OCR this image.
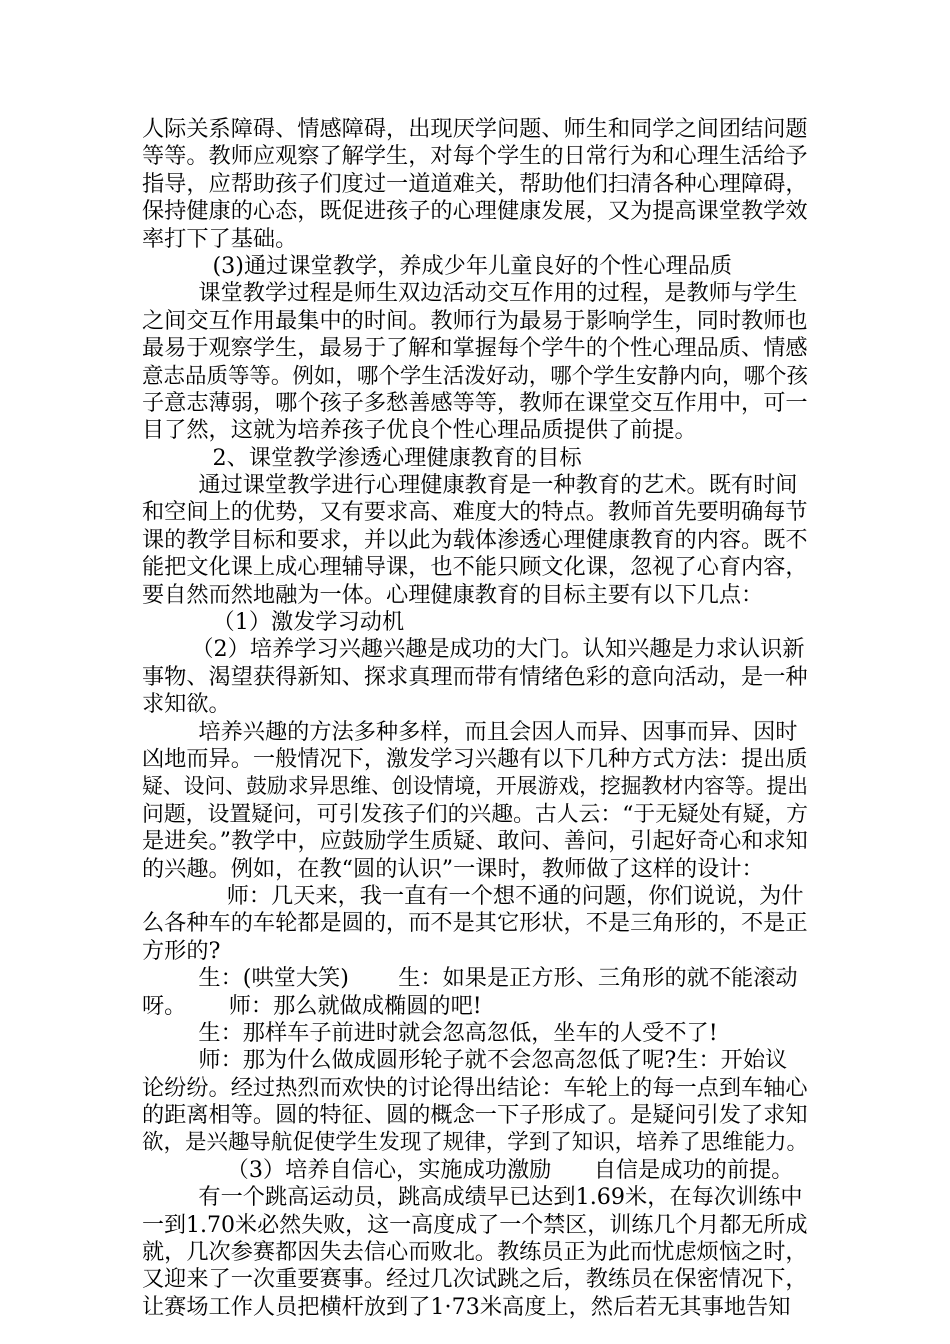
人际关系障碍、情感障碍，出现厌学问题、师生和同学之间团结问题
等等。教师应观察了解学生，对每个学生的日常行为和心理生活给予
指导，应帮助孩子们度过一道道难关，帮助他们扫清各种心理障碍，
保持健康的心态，既促进孩子的心理健康发展，又为提高课堂教学效
率打下了基础。
(3)通过课堂教学，养成少年儿童良好的个性心理品质
课堂教学过程是师生双边活动交互作用的过程，是教师与学生
之间交互作用最集中的时间。教师行为最易于影响学生，同时教师也
最易于观察学生，最易于了解和掌握每个学牛的个性心理品质、情感
意志品质等等。例如，哪个学生活泼好动，哪个学生安静内向，哪个孩
子意志薄弱，哪个孩子多愁善感等等，教师在课堂交互作用中，可一
目了然，这就为培养孩子优良个性心理品质提供了前提。
2、课堂教学渗透心理健康教育的目标
通过课堂教学进行心理健康教育是一种教育的艺术。既有时间
和空间上的优势，又有要求高、难度大的特点。教师首先要明确每节
课的教学目标和要求，并以此为载体渗透心理健康教育的内容。既不
能把文化课上成心理辅导课，也不能只顾文化课，忽视了心育内容，
要自然而然地融为一体。心理健康教育的目标主要有以下几点：
（1）激发学习动机
（2）培养学习兴趣兴趣是成功的大门。认知兴趣是力求认识新
事物、渴望获得新知、探求真理而带有情绪色彩的意向活动，是一种
求知欲。
培养兴趣的方法多种多样，而且会因人而异、因事而异、因时
凶地而异。一般情况下，激发学习兴趣有以下几种方式方法：提出质
疑、设问、鼓励求异思维、创设情境，开展游戏，挖掘教材内容等。提出
问题，设置疑问，可引发孩子们的兴趣。古人云：“于无疑处有疑，方
是进矣。”教学中，应鼓励学生质疑、敢问、善问，引起好奇心和求知
的兴趣。例如，在教“圆的认识”一课时，教师做了这样的设计：
师：几天来，我一直有一个想不通的问题，你们说说，为什
么各种车的车轮都是圆的，而不是其它形状，不是三角形的，不是正
方形的?
生：(哄堂大笑)       生：如果是正方形、三角形的就不能滚动
呀。      师：那么就做成椭圆的吧!
生：那样车子前进时就会忽高忽低，坐车的人受不了!
师：那为什么做成圆形轮子就不会忽高忽低了呢?生：开始议
论纷纷。经过热烈而欢快的讨论得出结论：车轮上的每一点到车轴心
的距离相等。圆的特征、圆的概念一下子形成了。是疑问引发了求知
欲，是兴趣导航促使学生发现了规律，学到了知识，培养了思维能力。
（3）培养自信心，实施成功激励      自信是成功的前提。
有一个跳高运动员，跳高成绩早已达到1.69米，在每次训练中
一到1.70米必然失败，这一高度成了一个禁区，训练几个月都无所成
就，几次参赛都因失去信心而败北。教练员正为此而忧虑烦恼之时，
又迎来了一次重要赛事。经过几次试跳之后，教练员在保密情况下，
让赛场工作人员把横杆放到了1·73米高度上，然后若无其事地告知
